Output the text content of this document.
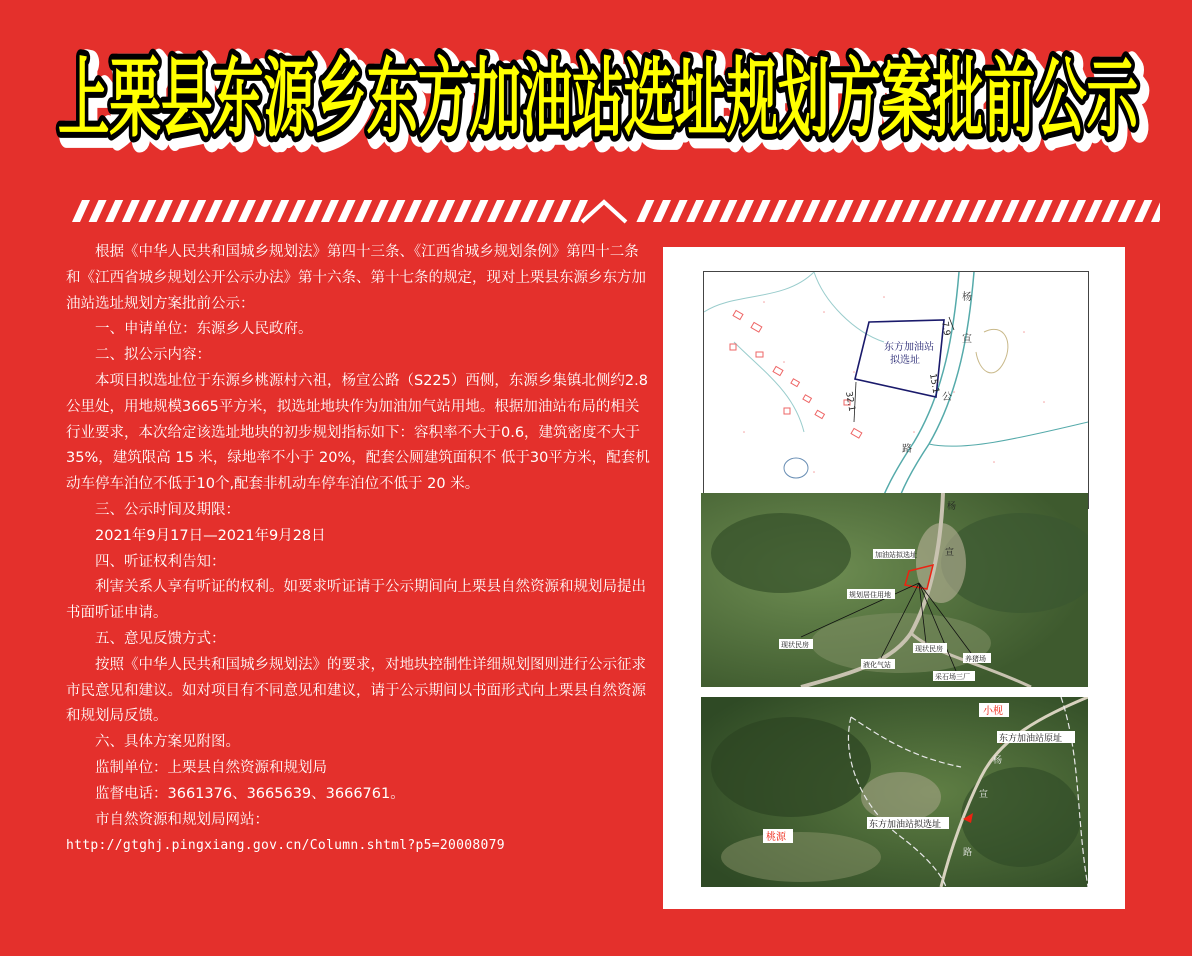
上栗县东源乡东方加油站选址规划方案批前公示
上栗县东源乡东方加油站选址规划方案批前公示
上栗县东源乡东方加油站选址规划方案批前公示

根据《中华人民共和国城乡规划法》第四十三条、《江西省城乡规划条例》第四十二条和《江西省城乡规划公开公示办法》第十六条、第十七条的规定，现对上栗县东源乡东方加油站选址规划方案批前公示：

一、申请单位：东源乡人民政府。

二、拟公示内容：

本项目拟选址位于东源乡桃源村六祖，杨宣公路（S225）西侧，东源乡集镇北侧约2.8公里处，用地规模3665平方米，拟选址地块作为加油加气站用地。根据加油站布局的相关行业要求，本次给定该选址地块的初步规划指标如下：容积率不大于0.6，建筑密度不大于35%，建筑限高 15 米，绿地率不小于 20%，配套公厕建筑面积不 低于30平方米，配套机动车停车泊位不低于10个,配套非机动车停车泊位不低于 20 米。

三、公示时间及期限：

2021年9月17日—2021年9月28日

四、听证权利告知：

利害关系人享有听证的权利。如要求听证请于公示期间向上栗县自然资源和规划局提出书面听证申请。

五、意见反馈方式：

按照《中华人民共和国城乡规划法》的要求，对地块控制性详细规划图则进行公示征求市民意见和建议。如对项目有不同意见和建议，请于公示期间以书面形式向上栗县自然资源和规划局反馈。

六、具体方案见附图。

监制单位：上栗县自然资源和规划局

监督电话：3661376、3665639、3666761。

市自然资源和规划局网站：

http://gtghj.pingxiang.gov.cn/Column.shtml?p5=20008079

东方加油站
拟选址
7.9
15.1
32.1
杨
宣
公
路
加油站拟选址
规划居住用地
现状民房
液化气站
现状民房
养猪场
采石场三厂
杨
宣
小枧
东方加油站原址
东方加油站拟选址
桃源
杨
宣
路
